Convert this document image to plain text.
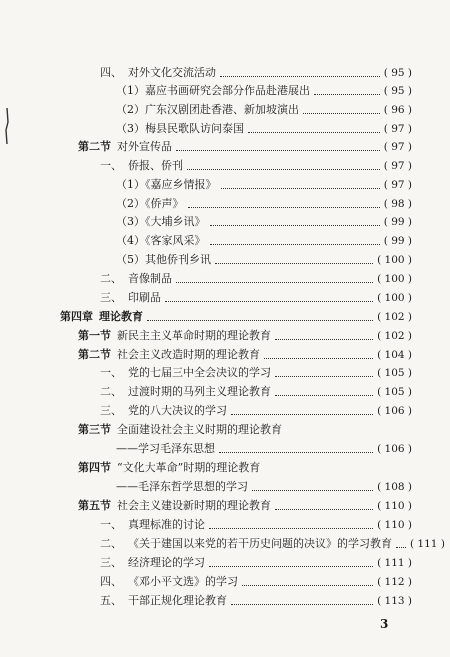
四、 对外文化交流活动	( 95 )
（1）嘉应书画研究会部分作品赴港展出	( 95 )
（2）广东汉剧团赴香港、新加坡演出	( 96 )
（3）梅县民歌队访问泰国	( 97 )
第二节 对外宣传品	( 97 )
一、 侨报、侨刊	( 97 )
（1）《嘉应乡情报》	( 97 )
（2）《侨声》	( 98 )
（3）《大埔乡讯》	( 99 )
（4）《客家风采》	( 99 )
（5）其他侨刊乡讯	( 100 )
二、 音像制品	( 100 )
三、 印刷品	( 100 )
第四章 理论教育	( 102 )
第一节 新民主主义革命时期的理论教育	( 102 )
第二节 社会主义改造时期的理论教育	( 104 )
一、 党的七届三中全会决议的学习	( 105 )
二、 过渡时期的马列主义理论教育	( 105 )
三、 党的八大决议的学习	( 106 )
第三节 全面建设社会主义时期的理论教育
——学习毛泽东思想	( 106 )
第四节 “文化大革命”时期的理论教育
——毛泽东哲学思想的学习	( 108 )
第五节 社会主义建设新时期的理论教育	( 110 )
一、 真理标准的讨论	( 110 )
二、 《关于建国以来党的若干历史问题的决议》的学习教育 ( 111 )
三、 经济理论的学习	( 111 )
四、 《邓小平文选》的学习	( 112 )
五、 干部正规化理论教育	( 113 )
3
